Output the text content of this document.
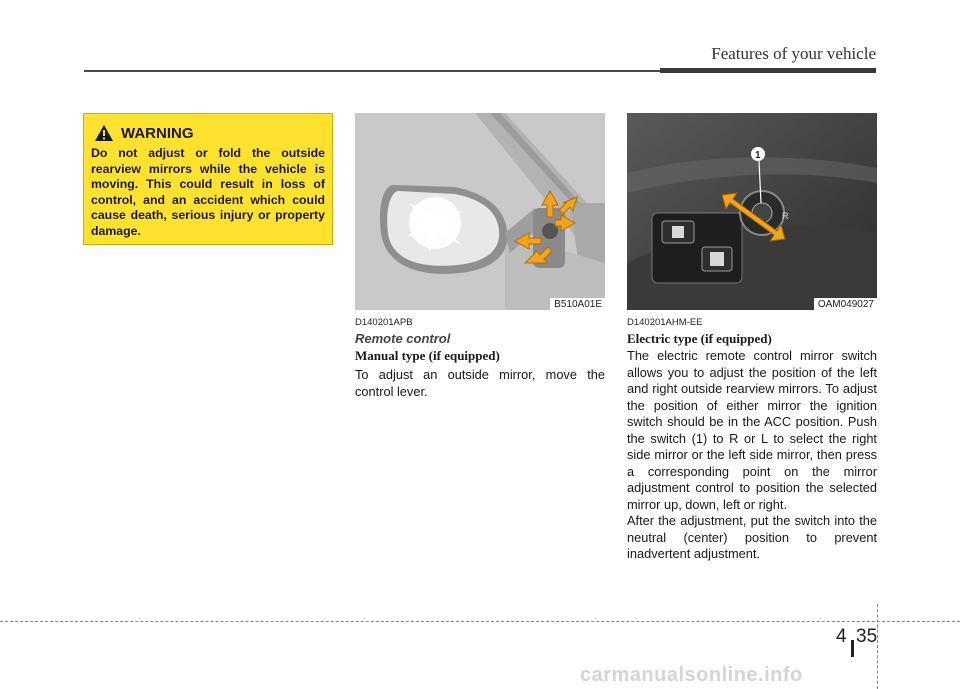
Features of your vehicle
WARNING
Do not adjust or fold the outside rearview mirrors while the vehicle is moving. This could result in loss of control, and an accident which could cause death, serious injury or property damage.
B510A01E
R
1
OAM049027
D140201APB
Remote control
Manual type (if equipped)

To adjust an outside mirror, move the control lever.

D140201AHM-EE
Electric type (if equipped)

The electric remote control mirror switch allows you to adjust the position of the left and right outside rearview mirrors. To adjust the position of either mirror the ignition switch should be in the ACC position. Push the switch (1) to R or L to select the right side mirror or the left side mirror, then press a corresponding point on the mirror adjustment control to position the selected mirror up, down, left or right.

After the adjustment, put the switch into the neutral (center) position to prevent inadvertent adjustment.

4 35
carmanualsonline.info
